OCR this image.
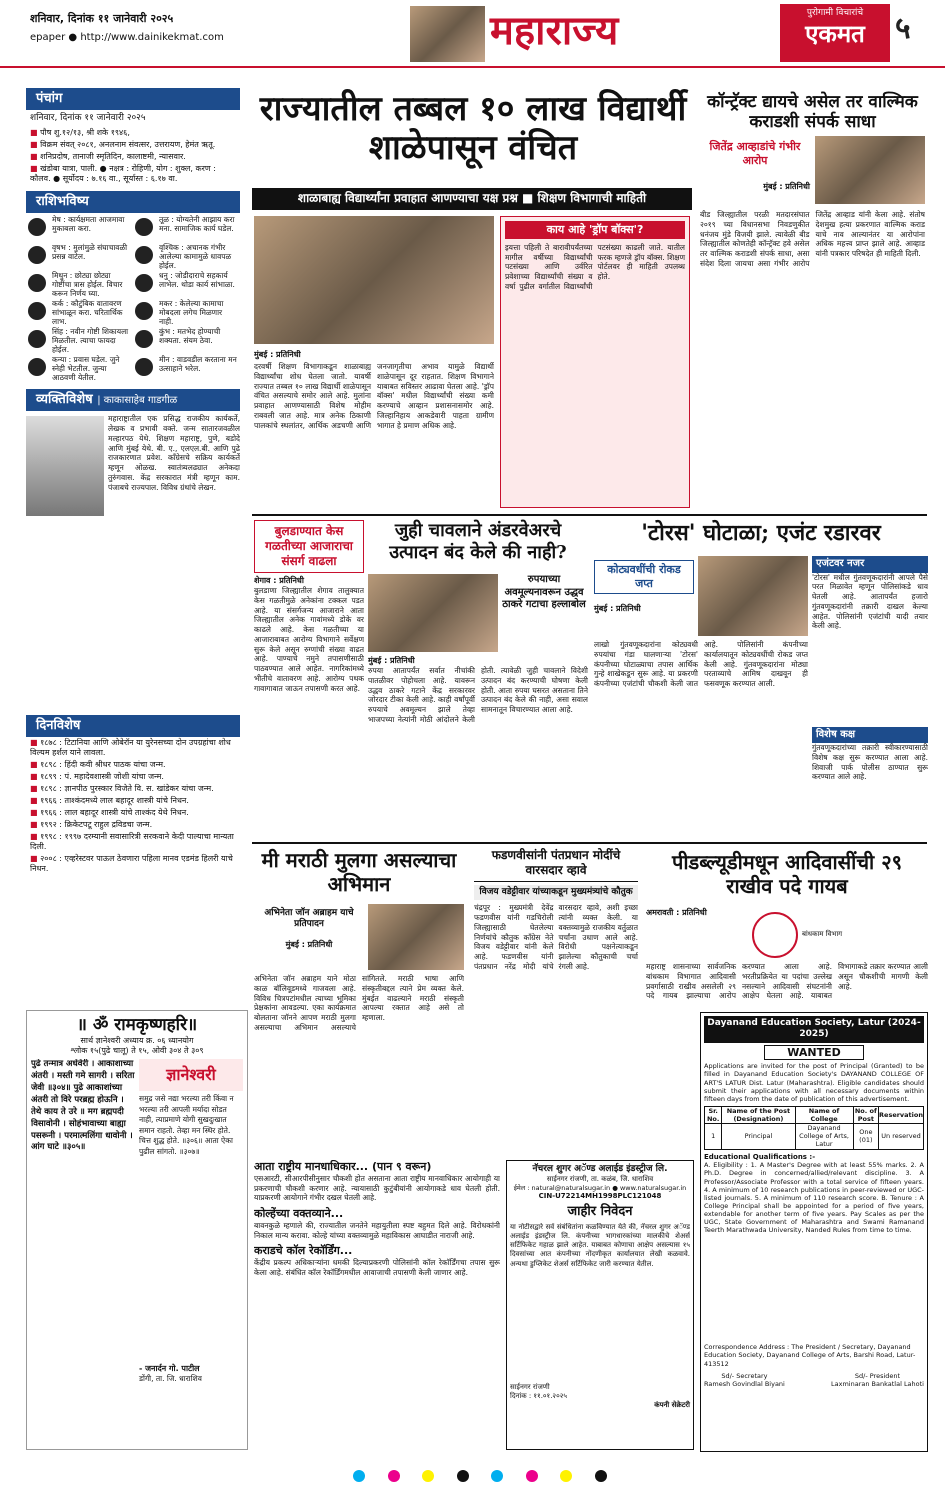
शनिवार, दिनांक ११ जानेवारी २०२५
epaper ● http://www.dainikekmat.com	महाराज्य	पुरोगामी विचारांचे
एकमत	५
पंचांग
शनिवार, दिनांक ११ जानेवारी २०२५
■ पौष शु.१२/१३, श्री शके १९४६,
■ विक्रम संवत् २०८१, अनलनाम संवत्सर, उत्तरायण, हेमंत ऋतू.
■ शनिप्रदोष, तानाजी स्मृतिदिन, कालाष्टमी, न्यासवार.
■ खंडोबा यात्रा, पाली. ● नक्षत्र : रोहिणी, योग : शुक्ल, करण : कौलव. ● सूर्योदय : ७.१६ वा., सूर्यास्त : ६.१७ वा.
राशिभविष्य
मेष : कार्यक्षमता आजमावा मुकाबला करा.
तूळ : योग्यतेनी आझाय करा मना. सामाजिक कार्य घडेल.
वृषभ : मुलांमुळे संघाचावळी प्रसन्न वाटेल.
वृश्चिक : अचानक गंभीर आलेल्या कामामुळे धावपळ होईल.
मिथुन : छोट्या छोट्या गोष्टींचा त्रास होईल. विचार करून निर्णय घ्या.
धनु : जोडीदाराचे सहकार्य लाभेल. थोडा कार्य सांभाळा.
कर्क : कौटुंबिक वातावरण सांभाळून करा. चरितार्थिक लाभ.
मकर : केलेल्या कामाचा मोबदला लगेच मिळणार नाही.
सिंह : नवीन गोष्टी शिकायला मिळतील. त्याचा फायदा होईल.
कुंभ : मतभेद होण्याची शक्यता. संयम ठेवा.
कन्या : प्रवास घडेल. जुने स्नेही भेटतील. जुन्या आठवणी येतील.
मीन : वाडवडील करताना मन उत्साहाने भरेल.
व्यक्तिविशेष | काकासाहेब गाडगीळ
महाराष्ट्रातील एक प्रसिद्ध राजकीय कार्यकर्ते, लेखक व प्रभावी वक्ते. जन्म सातारजवळील मल्हारपठ येथे. शिक्षण महाराष्ट्र, पुणे, बडोदे आणि मुंबई येथे. बी. ए., एलएल.बी. आणि पुढे राजकारणात प्रवेश. काँग्रेसचे सक्रिय कार्यकर्ते म्हणून ओळख. स्वातंत्र्यलढ्यात अनेकदा तुरुंगवास. केंद्र सरकारात मंत्री म्हणून काम. पंजाबचे राज्यपाल. विविध ग्रंथांचे लेखन.
दिनविशेष
■ १८७८ : टिटानिया आणि ओबेरॉन या युरेनसच्या दोन उपग्रहांचा शोध विल्यम हर्शल याने लावला.
■ १८९८ : हिंदी कवी श्रीधर पाठक यांचा जन्म.
■ १८९९ : पं. महादेवशास्त्री जोशी यांचा जन्म.
■ १८९८ : ज्ञानपीठ पुरस्कार विजेते वि. स. खांडेकर यांचा जन्म.
■ १९६६ : ताश्कंदमध्ये लाल बहादूर शास्त्री यांचे निधन.
■ १९६६ : लाल बहादूर शास्त्री यांचे ताश्कंद येथे निधन.
■ १९९२ : क्रिकेटपटू राहुल द्रविडचा जन्म.
■ १९९८ : १९९७ दरम्यानी सवासारित्री सरकवाने केदी पाल्याचा मान्यता दिली.
■ २००८ : एव्हरेस्टवर पाऊल ठेवणारा पहिला मानव एडमंड हिलरी याचे निधन.
॥ ॐ रामकृष्णहरि॥
सार्थ ज्ञानेश्वरी अध्याय क्र. ०६ ध्यानयोग
श्लोक १५(पुढे चालू) ते १५, ओवी ३०४ ते ३०९
पुढे तन्मात्र अर्धवेरी । आकाशाच्या अंतरी । मस्ती गमे सागरी । सरिता जेवी ॥३०४॥ पुढे आकाशांच्या अंतरी तो विरे परब्रह्म होऊनि । तेथे काय ते उरे ॥ मग ब्रह्मपदी विसावोनी । सोहंभावाच्या बाह्या पसरूनी । परमात्मलिंगा धावोनी । आंग घाटे ॥३०५॥
ज्ञानेश्वरी
समुद्र जसे नद्या भरल्या तरी किंवा न भरल्या तरी आपली मर्यादा सोडत नाही, त्याप्रमाणे योगी सुखदुःखात समान राहतो. तेव्हा मन स्थिर होते. चित्त शुद्ध होते. ॥३०६॥ आता ऐका पुढील सांगतो. ॥३०७॥
- जनार्दन गो. पाटील
डोंगी, ता. जि. धाराशिव
राज्यातील तब्बल १० लाख विद्यार्थी शाळेपासून वंचित
शाळाबाह्य विद्यार्थ्यांना प्रवाहात आणण्याचा यक्ष प्रश्न ■ शिक्षण विभागाची माहिती
मुंबई : प्रतिनिधी
दरवर्षी शिक्षण विभागाकडून शाळाबाह्य विद्यार्थ्यांचा शोध घेतला जातो. यावर्षी राज्यात तब्बल १० लाख विद्यार्थी शाळेपासून वंचित असल्याचे समोर आले आहे. मुलांना प्रवाहात आणण्यासाठी विशेष मोहीम राबवली जात आहे. मात्र अनेक ठिकाणी पालकांचे स्थलांतर, आर्थिक अडचणी आणि जनजागृतीचा अभाव यामुळे विद्यार्थी शाळेपासून दूर राहतात. शिक्षण विभागाने याबाबत सविस्तर आढावा घेतला आहे. 'ड्रॉप बॉक्स' मधील विद्यार्थ्यांची संख्या कमी करण्याचे आव्हान प्रशासनासमोर आहे. जिल्हानिहाय आकडेवारी पाहता ग्रामीण भागात हे प्रमाण अधिक आहे.
काय आहे 'ड्रॉप बॉक्स'?
इयत्ता पहिली ते बारावीपर्यंतच्या मागील वर्षीच्या विद्यार्थ्यांची पटसंख्या आणि उर्वरित प्रवेशाच्या विद्यार्थ्यांची संख्या व वर्षा पुढील वर्गातील विद्यार्थ्यांची पटसंख्या काढली जाते. यातील फरक म्हणजे ड्रॉप बॉक्स. शिक्षण पोर्टलवर ही माहिती उपलब्ध होते.
कॉन्ट्रॅक्ट द्यायचे असेल तर वाल्मिक कराडशी संपर्क साधा
जितेंद्र आव्हाडांचे गंभीर आरोप
मुंबई : प्रतिनिधी
बीड जिल्ह्यातील परळी मतदारसंघात २०१९ च्या विधानसभा निवडणुकीत धनंजय मुंडे विजयी झाले. त्यावेळी बीड जिल्ह्यातील कोणतेही कॉन्ट्रॅक्ट हवे असेल तर वाल्मिक कराडशी संपर्क साधा, असा संदेश दिला जायचा असा गंभीर आरोप जितेंद्र आव्हाड यांनी केला आहे. संतोष देशमुख हत्या प्रकरणात वाल्मिक कराड याचे नाव आल्यानंतर या आरोपांना अधिक महत्त्व प्राप्त झाले आहे. आव्हाड यांनी पत्रकार परिषदेत ही माहिती दिली.
बुलडाण्यात केस गळतीच्या आजाराचा संसर्ग वाढला
शेगाव : प्रतिनिधी
बुलडाणा जिल्ह्यातील शेगाव तालुक्यात केस गळतीमुळे अनेकांना टक्कल पडत आहे. या संसर्गजन्य आजाराने आता जिल्ह्यातील अनेक गावांमध्ये डोके वर काढले आहे. केस गळतीच्या या आजाराबाबत आरोग्य विभागाने सर्वेक्षण सुरू केले असून रुग्णांची संख्या वाढत आहे. पाण्याचे नमुने तपासणीसाठी पाठवण्यात आले आहेत. नागरिकांमध्ये भीतीचे वातावरण आहे. आरोग्य पथक गावागावात जाऊन तपासणी करत आहे.
जुही चावलाने अंडरवेअरचे उत्पादन बंद केले की नाही?
रुपयाच्या अवमूल्यनावरून उद्धव ठाकरे गटाचा हल्लाबोल
मुंबई : प्रतिनिधी
रुपया आतापर्यंत सर्वात नीचांकी पातळीवर पोहोचला आहे. यावरून उद्धव ठाकरे गटाने केंद्र सरकारवर जोरदार टीका केली आहे. काही वर्षांपूर्वी रुपयाचे अवमूल्यन झाले तेव्हा भाजपच्या नेत्यांनी मोठी आंदोलने केली होती. त्यावेळी जुही चावलाने विदेशी उत्पादन बंद करण्याची घोषणा केली होती. आता रुपया घसरत असताना तिने उत्पादन बंद केले की नाही, असा सवाल सामनातून विचारण्यात आला आहे.
'टोरस' घोटाळा; एजंट रडारवर
कोट्यवधींची रोकड जप्त
मुंबई : प्रतिनिधी
लाखो गुंतवणूकदारांना कोट्यवधी रुपयांचा गंडा घालणाऱ्या 'टोरस' कंपनीच्या घोटाळ्याचा तपास आर्थिक गुन्हे शाखेकडून सुरू आहे. या प्रकरणी कंपनीच्या एजंटांची चौकशी केली जात आहे. पोलिसांनी कंपनीच्या कार्यालयातून कोट्यवधींची रोकड जप्त केली आहे. गुंतवणूकदारांना मोठ्या परताव्याचे आमिष दाखवून ही फसवणूक करण्यात आली.
एजंटवर नजर
'टोरस' मधील गुंतवणूकदारांनी आपले पैसे परत मिळावेत म्हणून पोलिसांकडे धाव घेतली आहे. आतापर्यंत हजारो गुंतवणूकदारांनी तक्रारी दाखल केल्या आहेत. पोलिसांनी एजंटांची यादी तयार केली आहे.
विशेष कक्ष
गुंतवणूकदारांच्या तक्रारी स्वीकारण्यासाठी विशेष कक्ष सुरू करण्यात आला आहे. शिवाजी पार्क पोलीस ठाण्यात सुरू करण्यात आले आहे.
मी मराठी मुलगा असल्याचा अभिमान
अभिनेता जॉन अब्राहम याचे प्रतिपादन
मुंबई : प्रतिनिधी
अभिनेता जॉन अब्राहम याने मोठा काळ बॉलिवूडमध्ये गाजवला आहे. विविध चित्रपटांमधील त्याच्या भूमिका प्रेक्षकांना आवडल्या. एका कार्यक्रमात बोलताना जॉनने आपण मराठी मुलगा असल्याचा अभिमान असल्याचे सांगितले. मराठी भाषा आणि संस्कृतीबद्दल त्याने प्रेम व्यक्त केले. मुंबईत वाढल्याने मराठी संस्कृती आपल्या रक्तात आहे असे तो म्हणाला.
फडणवीसांनी पंतप्रधान मोदींचे वारसदार व्हावे
विजय वडेट्टीवार यांच्याकडून मुख्यमंत्र्यांचे कौतुक
चंद्रपूर : मुख्यमंत्री देवेंद्र फडणवीस यांनी गडचिरोली जिल्ह्यासाठी घेतलेल्या निर्णयांचे कौतुक काँग्रेस नेते विजय वडेट्टीवार यांनी केले आहे. फडणवीस यांनी पंतप्रधान नरेंद्र मोदी यांचे वारसदार व्हावे, अशी इच्छा त्यांनी व्यक्त केली. या वक्तव्यामुळे राजकीय वर्तुळात चर्चांना उधाण आले आहे. विरोधी पक्षनेत्याकडून झालेल्या कौतुकाची चर्चा रंगली आहे.
पीडब्ल्यूडीमधून आदिवासींची २९ राखीव पदे गायब
अमरावती : प्रतिनिधी
बांधकाम विभाग
महाराष्ट्र शासनाच्या सार्वजनिक बांधकाम विभागात आदिवासी प्रवर्गासाठी राखीव असलेली २९ पदे गायब झाल्याचा आरोप करण्यात आला आहे. भरतीप्रक्रियेत या पदांचा उल्लेख नसल्याने आदिवासी संघटनांनी आक्षेप घेतला आहे. याबाबत विभागाकडे तक्रार करण्यात आली असून चौकशीची मागणी केली आहे.
Dayanand Education Society, Latur (2024-2025)
WANTED
Applications are invited for the post of Principal (Granted) to be filled in Dayanand Education Society's DAYANAND COLLEGE OF ART'S LATUR Dist. Latur (Maharashtra). Eligible candidates should submit their applications with all necessary documents within fifteen days from the date of publication of this advertisement.
Sr. No.	Name of the Post (Designation)	Name of College	No. of Post	Reservation
1	Principal	Dayanand College of Arts, Latur	One (01)	Un reserved
Educational Qualifications :-
A. Eligibility : 1. A Master's Degree with at least 55% marks. 2. A Ph.D. Degree in concerned/allied/relevant discipline. 3. A Professor/Associate Professor with a total service of fifteen years. 4. A minimum of 10 research publications in peer-reviewed or UGC-listed journals. 5. A minimum of 110 research score. B. Tenure : A College Principal shall be appointed for a period of five years, extendable for another term of five years. Pay Scales as per the UGC, State Government of Maharashtra and Swami Ramanand Teerth Marathwada University, Nanded Rules from time to time.
Correspondence Address : The President / Secretary, Dayanand Education Society, Dayanand College of Arts, Barshi Road, Latur-413512
Sd/- Secretary
Ramesh Govindlal Biyani
Sd/- President
Laxminaran Bankatlal Lahoti
आता राष्ट्रीय मानधाधिकार... (पान ९ वरून)
एसआरटी, सीआरपीसीनुसार चौकशी होत असताना आता राष्ट्रीय मानवाधिकार आयोगाही या प्रकरणाची चौकशी करणार आहे. न्यायासाठी कुटुंबीयांनी आयोगाकडे धाव घेतली होती. याप्रकरणी आयोगाने गंभीर दखल घेतली आहे.
कोल्हेंच्या वक्तव्याने...
बावनकुळे म्हणाले की, राज्यातील जनतेने महायुतीला स्पष्ट बहुमत दिले आहे. विरोधकांनी निकाल मान्य करावा. कोल्हे यांच्या वक्तव्यामुळे महाविकास आघाडीत नाराजी आहे.
कराडचे कॉल रेकॉर्डिंग...
केंद्रीय प्रकल्प अधिकाऱ्यांना धमकी दिल्याप्रकरणी पोलिसांनी कॉल रेकॉर्डिंगचा तपास सुरू केला आहे. संबंधित कॉल रेकॉर्डिंगमधील आवाजाची तपासणी केली जाणार आहे.
नॅचरल शुगर अॅण्ड अलाईड इंडस्ट्रीज लि.
साईनगर रांजणी, ता. कळंब, जि. धाराशिव
ईमेल : natural@naturalsugar.in ● www.naturalsugar.in
CIN-U72214MH1998PLC121048
जाहीर निवेदन
या नोटीसद्वारे सर्व संबंधितांना कळविण्यात येते की, नॅचरल शुगर अॅण्ड अलाईड इंडस्ट्रीज लि. कंपनीच्या भागधारकांच्या मालकीचे शेअर्स सर्टिफिकेट गहाळ झाले आहेत. याबाबत कोणाचा आक्षेप असल्यास १५ दिवसांच्या आत कंपनीच्या नोंदणीकृत कार्यालयात लेखी कळवावे. अन्यथा डुप्लिकेट शेअर्स सर्टिफिकेट जारी करण्यात येतील.
साईनगर रांजणी
दिनांक : ११.०१.२०२५
कंपनी सेक्रेटरी
